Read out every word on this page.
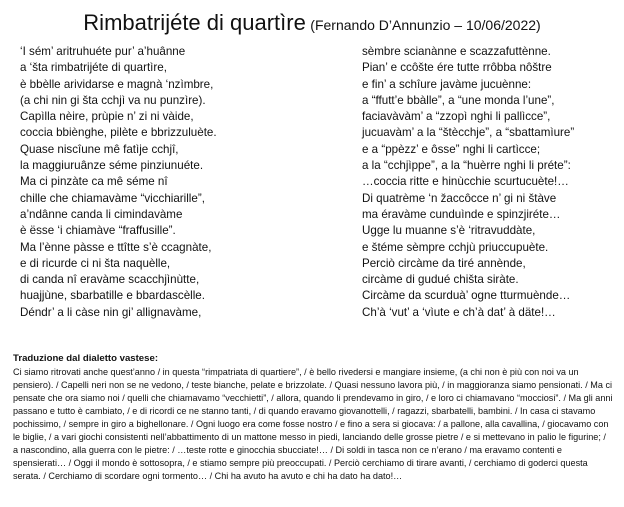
Rimbatrijéte di quartìre (Fernando D’Annunzio – 10/06/2022)
‘I sém’ aritruhuéte pur’ a’huânne
a ‘šta rimbatrijéte di quartìre,
è bbèlle arividarse e magnà ‘nzìmbre,
(a chi nin gi šta cchjì va nu punzìre).
Capìlla nèire, prùpie n’ zi ni vàide,
coccia bbiènghe, pilète e bbrizzuluète.
Quase niscîune mê fatìje cchjî,
la maggiuruânze séme pinziunuéte.
Ma ci pinzàte ca mê séme nî
chille che chiamavàme “vicchiarille”,
a’ndânne canda li cimindavàme
è ësse ‘i chiamàve “fraffusille”.
Ma l’ènne pàsse e ttîtte s’è ccagnàte,
e di ricurde ci ni šta naquèlle,
di canda nî eravàme scacchjìnùtte,
huajjùne, sbarbatille e bbardascèlle.
Déndr’ a li càse nin gi’ allignavàme,
sèmbre scianànne e scazzafuttènne.
Pian’ e ccôšte ére tutte rrôbba nôštre
e fin’ a schîure javàme jucuènne:
a “ffutt’e bbàlle”, a “une monda l’une”,
faciavàvàm’ a “zzopì nghi li pallìcce”,
jucuavàm’ a la “štècchje”, a “sbattamìure”
e a “ppèzz’ e ôsse” nghi li cartìcce;
a la “cchjìppe”, a la “huèrre nghi li préte”:
…coccia ritte e hinùcchie scurtucuète!…
Di quatrème ‘n žaccôcce n’ gi ni štàve
ma éravàme cunduìnde e spinzjiréte…
Ugge lu muanne s’è ‘ritravuddàte,
e štéme sèmpre cchjù priuccupuète.
Perciò circàme da tiré annènde,
circàme di gudué chišta siràte.
Circàme da scurduà’ ogne tturmuènde…
Ch’à ‘vut’ a ‘vìute e ch’à dat’ à däte!…
Traduzione dal dialetto vastese:
Ci siamo ritrovati anche quest’anno / in questa “rimpatriata di quartiere”, / è bello rivedersi e mangiare insieme, (a chi non è più con noi va un pensiero). / Capelli neri non se ne vedono, / teste bianche, pelate e brizzolate. / Quasi nessuno lavora più, / in maggioranza siamo pensionati. / Ma ci pensate che ora siamo noi / quelli che chiamavamo “vecchietti”, / allora, quando li prendevamo in giro, / e loro ci chiamavano “mocciosi”. / Ma gli anni passano e tutto è cambiato, / e di ricordi ce ne stanno tanti, / di quando eravamo giovanottelli, / ragazzi, sbarbatelli, bambini. / In casa ci stavamo pochissimo, / sempre in giro a bighellonare. / Ogni luogo era come fosse nostro / e fino a sera si giocava: / a pallone, alla cavallina, / giocavamo con le biglie, / a vari giochi consistenti nell’abbattimento di un mattone messo in piedi, lanciando delle grosse pietre / e si mettevano in palio le figurine; / a nascondino, alla guerra con le pietre: / …teste rotte e ginocchia sbucciate!… / Di soldi in tasca non ce n’erano / ma eravamo contenti e spensierati… / Oggi il mondo è sottosopra, / e stiamo sempre più preoccupati. / Perciò cerchiamo di tirare avanti, / cerchiamo di goderci questa serata. / Cerchiamo di scordare ogni tormento… / Chi ha avuto ha avuto e chi ha dato ha dato!…
